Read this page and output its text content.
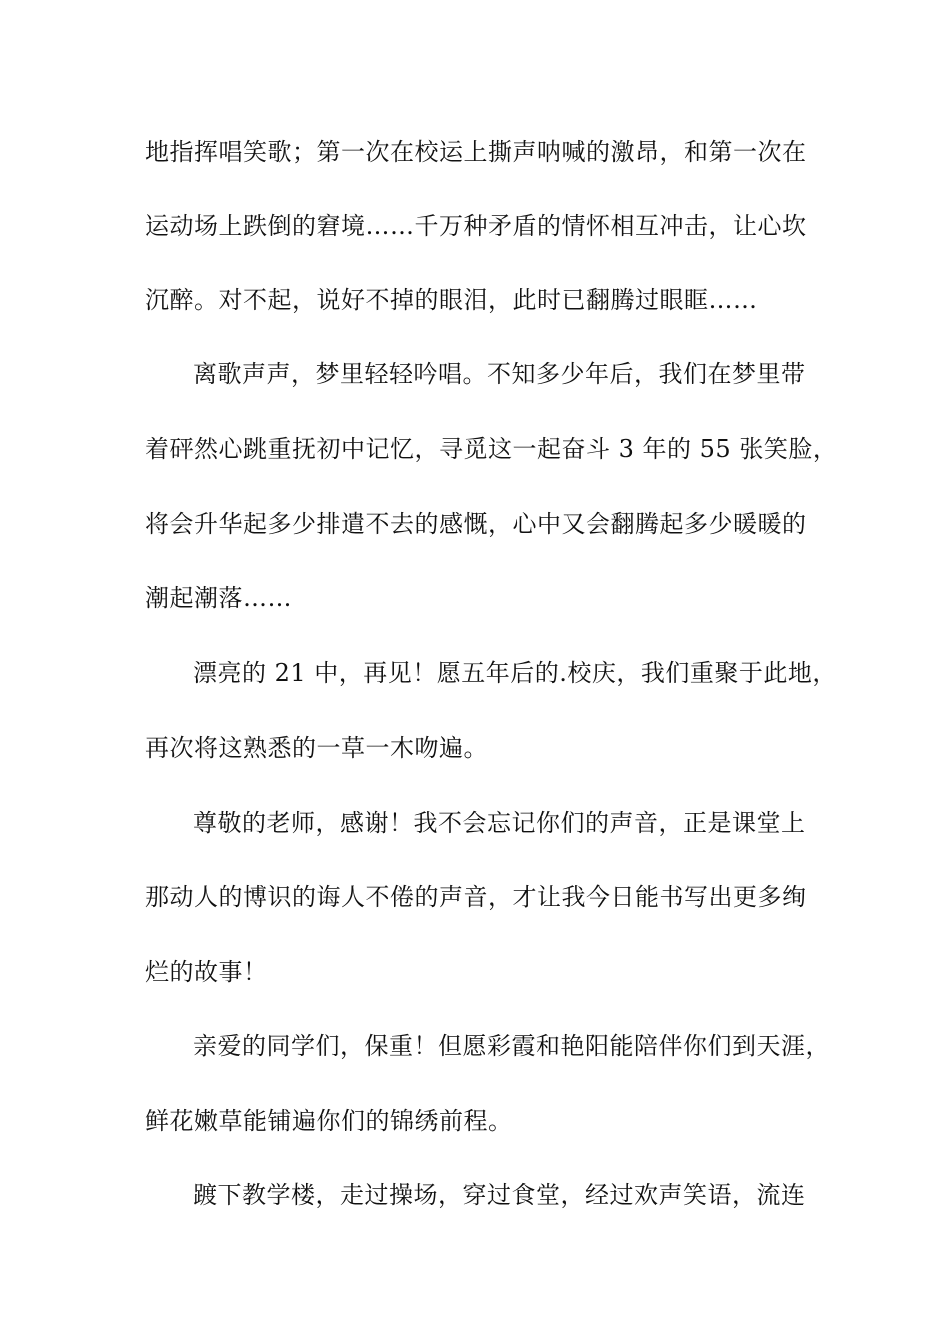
地指挥唱笑歌；第一次在校运上撕声呐喊的激昂，和第一次在
运动场上跌倒的窘境……千万种矛盾的情怀相互冲击，让心坎
沉醉。对不起，说好不掉的眼泪，此时已翻腾过眼眶……
离歌声声，梦里轻轻吟唱。不知多少年后，我们在梦里带
着砰然心跳重抚初中记忆，寻觅这一起奋斗 3 年的 55 张笑脸，
将会升华起多少排遣不去的感慨，心中又会翻腾起多少暖暖的
潮起潮落……
漂亮的 21 中，再见！愿五年后的.校庆，我们重聚于此地，
再次将这熟悉的一草一木吻遍。
尊敬的老师，感谢！我不会忘记你们的声音，正是课堂上
那动人的博识的诲人不倦的声音，才让我今日能书写出更多绚
烂的故事！
亲爱的同学们，保重！但愿彩霞和艳阳能陪伴你们到天涯，
鲜花嫩草能铺遍你们的锦绣前程。
踱下教学楼，走过操场，穿过食堂，经过欢声笑语，流连
